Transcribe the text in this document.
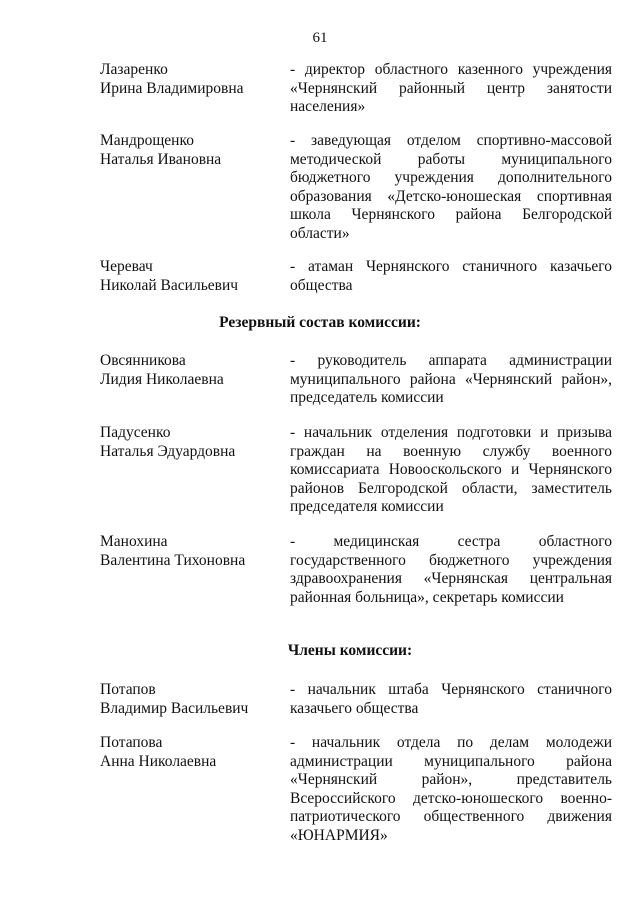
61
Лазаренко
Ирина Владимировна
- директор областного казенного учреждения «Чернянский районный центр занятости населения»
Мандрощенко
Наталья Ивановна
- заведующая отделом спортивно-массовой методической работы муниципального бюджетного учреждения дополнительного образования «Детско-юношеская спортивная школа Чернянского района Белгородской области»
Черевач
Николай Васильевич
- атаман Чернянского станичного казачьего общества
Резервный состав комиссии:
Овсянникова
Лидия Николаевна
- руководитель аппарата администрации муниципального района «Чернянский район», председатель комиссии
Падусенко
Наталья Эдуардовна
- начальник отделения подготовки и призыва граждан на военную службу военного комиссариата Новооскольского и Чернянского районов Белгородской области, заместитель председателя комиссии
Манохина
Валентина Тихоновна
- медицинская сестра областного государственного бюджетного учреждения здравоохранения «Чернянская центральная районная больница», секретарь комиссии
Члены комиссии:
Потапов
Владимир Васильевич
- начальник штаба Чернянского станичного казачьего общества
Потапова
Анна Николаевна
- начальник отдела по делам молодежи администрации муниципального района «Чернянский район», представитель Всероссийского детско-юношеского военно-патриотического общественного движения «ЮНАРМИЯ»
